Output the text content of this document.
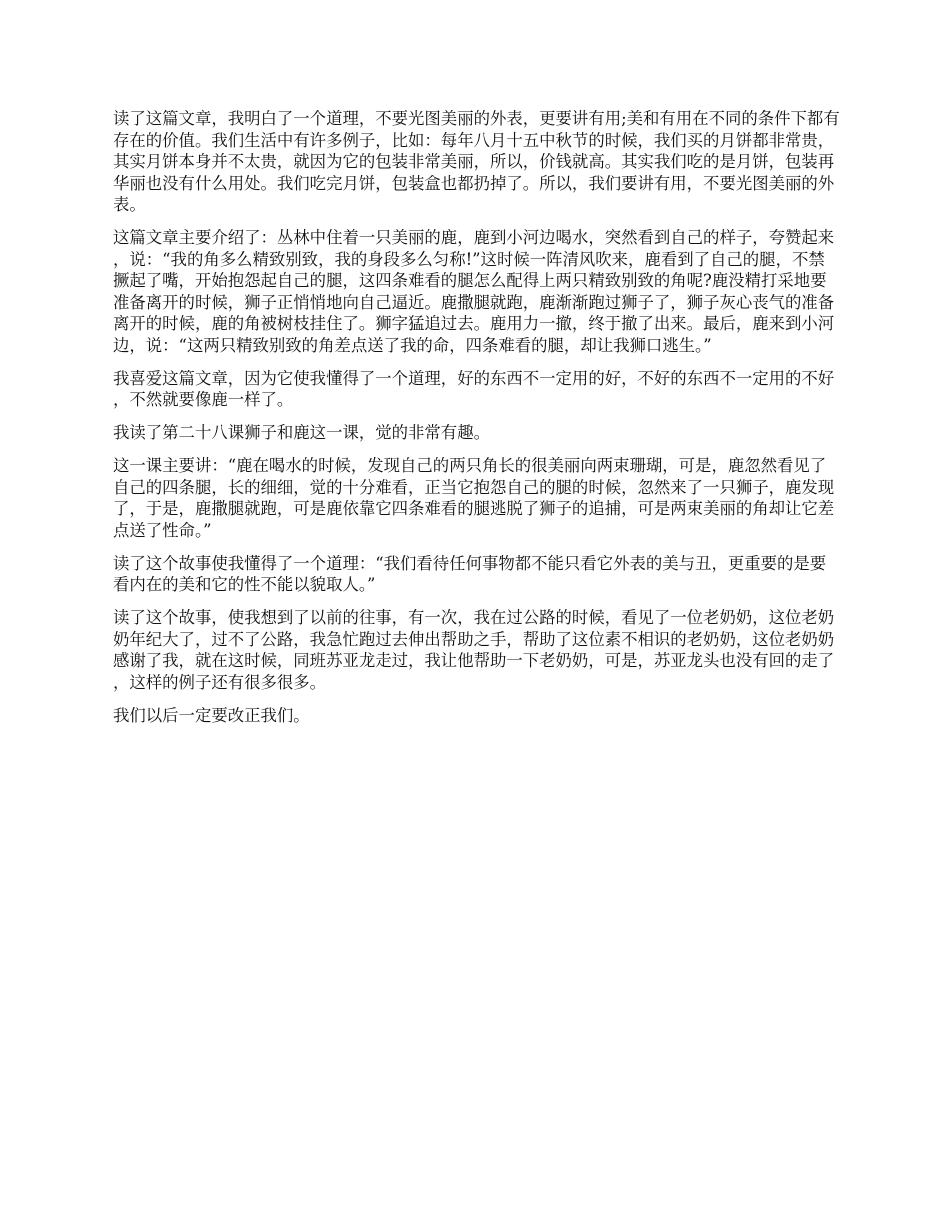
读了这篇文章，我明白了一个道理，不要光图美丽的外表，更要讲有用;美和有用在不同的条件下都有存在的价值。我们生活中有许多例子，比如：每年八月十五中秋节的时候，我们买的月饼都非常贵，其实月饼本身并不太贵，就因为它的包装非常美丽，所以，价钱就高。其实我们吃的是月饼，包装再华丽也没有什么用处。我们吃完月饼，包装盒也都扔掉了。所以，我们要讲有用，不要光图美丽的外表。

这篇文章主要介绍了：丛林中住着一只美丽的鹿，鹿到小河边喝水，突然看到自己的样子，夸赞起来，说：“我的角多么精致别致，我的身段多么匀称!”这时候一阵清风吹来，鹿看到了自己的腿，不禁撅起了嘴，开始抱怨起自己的腿，这四条难看的腿怎么配得上两只精致别致的角呢?鹿没精打采地要准备离开的时候，狮子正悄悄地向自己逼近。鹿撒腿就跑，鹿渐渐跑过狮子了，狮子灰心丧气的准备离开的时候，鹿的角被树枝挂住了。狮字猛追过去。鹿用力一撤，终于撤了出来。最后，鹿来到小河边，说：“这两只精致别致的角差点送了我的命，四条难看的腿，却让我狮口逃生。”

我喜爱这篇文章，因为它使我懂得了一个道理，好的东西不一定用的好，不好的东西不一定用的不好，不然就要像鹿一样了。

我读了第二十八课狮子和鹿这一课，觉的非常有趣。

这一课主要讲：“鹿在喝水的时候，发现自己的两只角长的很美丽向两束珊瑚，可是，鹿忽然看见了自己的四条腿，长的细细，觉的十分难看，正当它抱怨自己的腿的时候，忽然来了一只狮子，鹿发现了，于是，鹿撒腿就跑，可是鹿依靠它四条难看的腿逃脱了狮子的追捕，可是两束美丽的角却让它差点送了性命。”

读了这个故事使我懂得了一个道理：“我们看待任何事物都不能只看它外表的美与丑，更重要的是要看内在的美和它的性不能以貌取人。”

读了这个故事，使我想到了以前的往事，有一次，我在过公路的时候，看见了一位老奶奶，这位老奶奶年纪大了，过不了公路，我急忙跑过去伸出帮助之手，帮助了这位素不相识的老奶奶，这位老奶奶感谢了我，就在这时候，同班苏亚龙走过，我让他帮助一下老奶奶，可是，苏亚龙头也没有回的走了，这样的例子还有很多很多。

我们以后一定要改正我们。
